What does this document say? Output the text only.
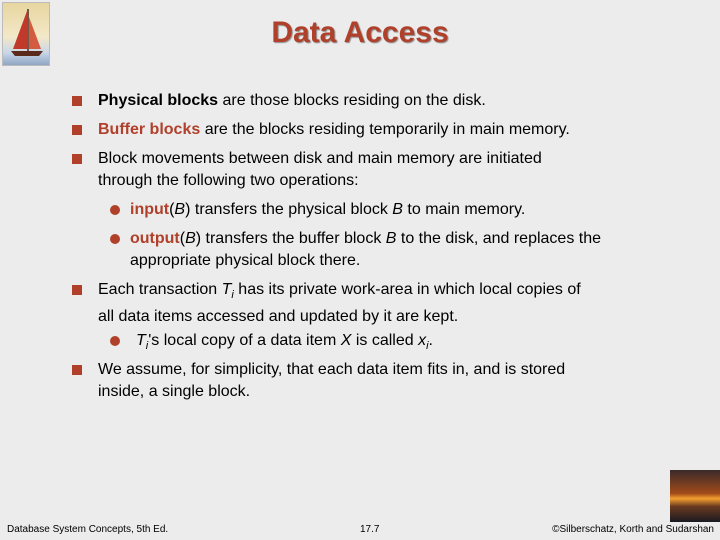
Data Access
Physical blocks are those blocks residing on the disk.
Buffer blocks are the blocks residing temporarily in main memory.
Block movements between disk and main memory are initiated
through the following two operations:
input(B) transfers the physical block B to main memory.
output(B) transfers the buffer block B to the disk, and replaces the
appropriate physical block there.
Each transaction $T_i$ has its private work-area in which local copies of
all data items accessed and updated by it are kept.
$T_i's$ local copy of a data item X is called $x_i$.
We assume, for simplicity, that each data item fits in, and is stored
inside, a single block.
Database System Concepts, 5th Ed.	17.7	©Silberschatz, Korth and Sudarshan
